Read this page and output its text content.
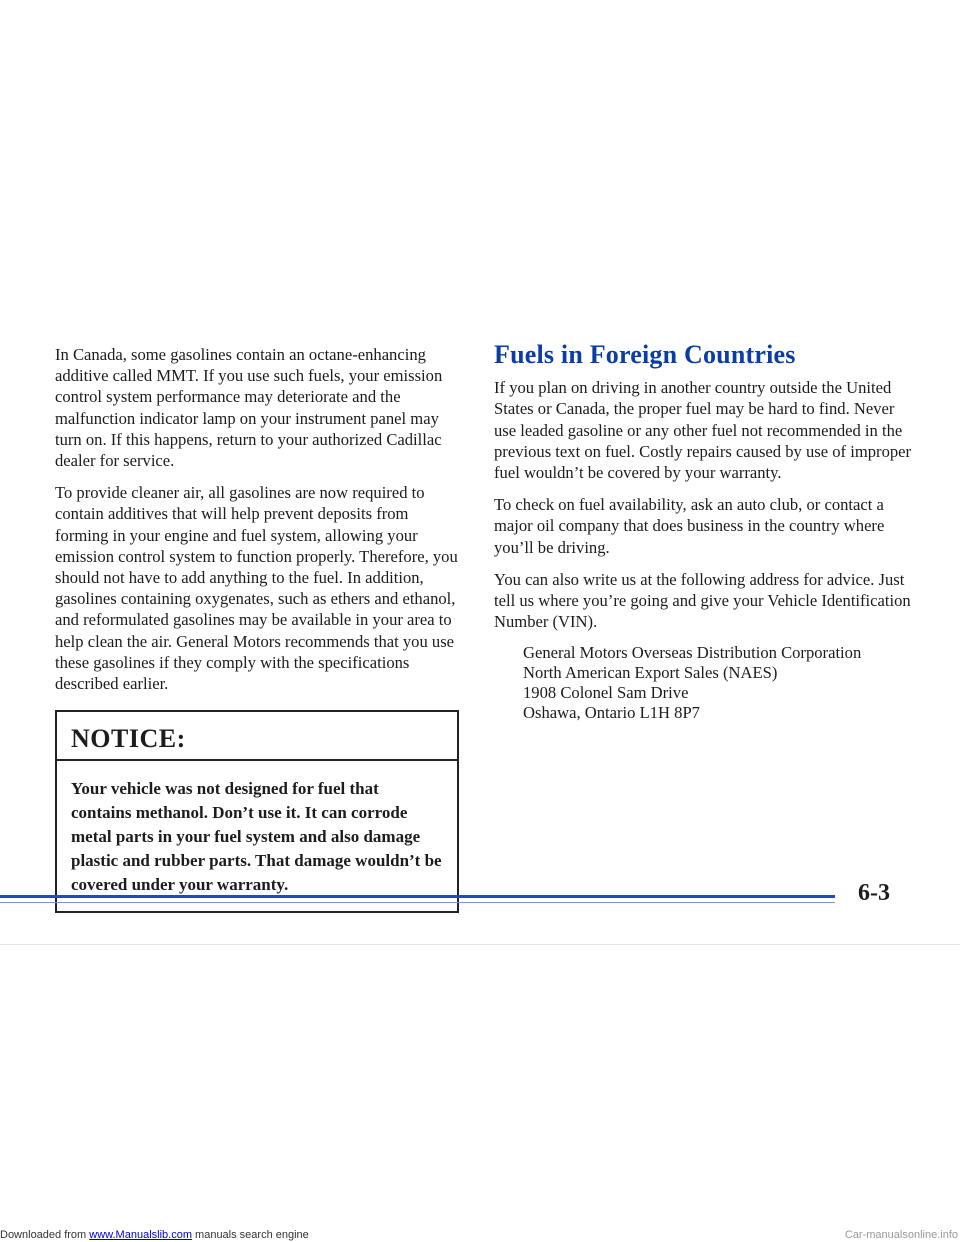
In Canada, some gasolines contain an octane-enhancing additive called MMT. If you use such fuels, your emission control system performance may deteriorate and the malfunction indicator lamp on your instrument panel may turn on. If this happens, return to your authorized Cadillac dealer for service.

To provide cleaner air, all gasolines are now required to contain additives that will help prevent deposits from forming in your engine and fuel system, allowing your emission control system to function properly. Therefore, you should not have to add anything to the fuel. In addition, gasolines containing oxygenates, such as ethers and ethanol, and reformulated gasolines may be available in your area to help clean the air. General Motors recommends that you use these gasolines if they comply with the specifications described earlier.

NOTICE:
Your vehicle was not designed for fuel that contains methanol. Don’t use it. It can corrode metal parts in your fuel system and also damage plastic and rubber parts. That damage wouldn’t be covered under your warranty.
Fuels in Foreign Countries

If you plan on driving in another country outside the United States or Canada, the proper fuel may be hard to find. Never use leaded gasoline or any other fuel not recommended in the previous text on fuel. Costly repairs caused by use of improper fuel wouldn’t be covered by your warranty.

To check on fuel availability, ask an auto club, or contact a major oil company that does business in the country where you’ll be driving.

You can also write us at the following address for advice. Just tell us where you’re going and give your Vehicle Identification Number (VIN).

General Motors Overseas Distribution Corporation
North American Export Sales (NAES)
1908 Colonel Sam Drive
Oshawa, Ontario L1H 8P7
6-3
Downloaded from www.Manualslib.com manuals search engine	Car-manualsonline.info
